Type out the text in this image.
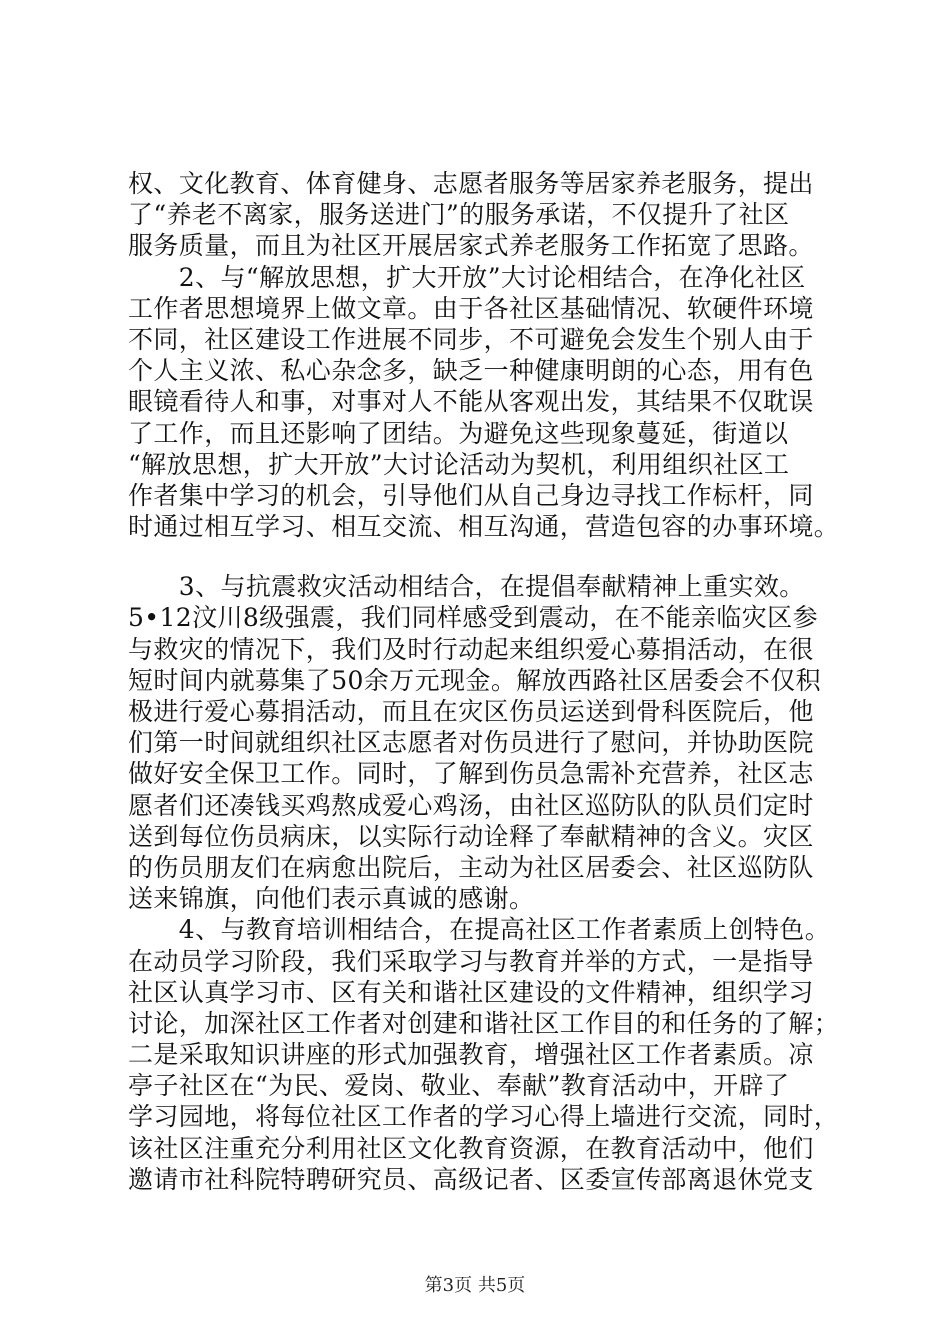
权、文化教育、体育健身、志愿者服务等居家养老服务，提出
了“养老不离家，服务送进门”的服务承诺，不仅提升了社区
服务质量，而且为社区开展居家式养老服务工作拓宽了思路。
　　2、与“解放思想，扩大开放”大讨论相结合，在净化社区
工作者思想境界上做文章。由于各社区基础情况、软硬件环境
不同，社区建设工作进展不同步，不可避免会发生个别人由于
个人主义浓、私心杂念多，缺乏一种健康明朗的心态，用有色
眼镜看待人和事，对事对人不能从客观出发，其结果不仅耽误
了工作，而且还影响了团结。为避免这些现象蔓延，街道以
“解放思想，扩大开放”大讨论活动为契机，利用组织社区工
作者集中学习的机会，引导他们从自己身边寻找工作标杆，同
时通过相互学习、相互交流、相互沟通，营造包容的办事环境。
　　3、与抗震救灾活动相结合，在提倡奉献精神上重实效。
5•12汶川8级强震，我们同样感受到震动，在不能亲临灾区参
与救灾的情况下，我们及时行动起来组织爱心募捐活动，在很
短时间内就募集了50余万元现金。解放西路社区居委会不仅积
极进行爱心募捐活动，而且在灾区伤员运送到骨科医院后，他
们第一时间就组织社区志愿者对伤员进行了慰问，并协助医院
做好安全保卫工作。同时，了解到伤员急需补充营养，社区志
愿者们还凑钱买鸡熬成爱心鸡汤，由社区巡防队的队员们定时
送到每位伤员病床，以实际行动诠释了奉献精神的含义。灾区
的伤员朋友们在病愈出院后，主动为社区居委会、社区巡防队
送来锦旗，向他们表示真诚的感谢。
　　4、与教育培训相结合，在提高社区工作者素质上创特色。
在动员学习阶段，我们采取学习与教育并举的方式，一是指导
社区认真学习市、区有关和谐社区建设的文件精神，组织学习
讨论，加深社区工作者对创建和谐社区工作目的和任务的了解；
二是采取知识讲座的形式加强教育，增强社区工作者素质。凉
亭子社区在“为民、爱岗、敬业、奉献”教育活动中，开辟了
学习园地，将每位社区工作者的学习心得上墙进行交流，同时，
该社区注重充分利用社区文化教育资源，在教育活动中，他们
邀请市社科院特聘研究员、高级记者、区委宣传部离退休党支
第3页 共5页
